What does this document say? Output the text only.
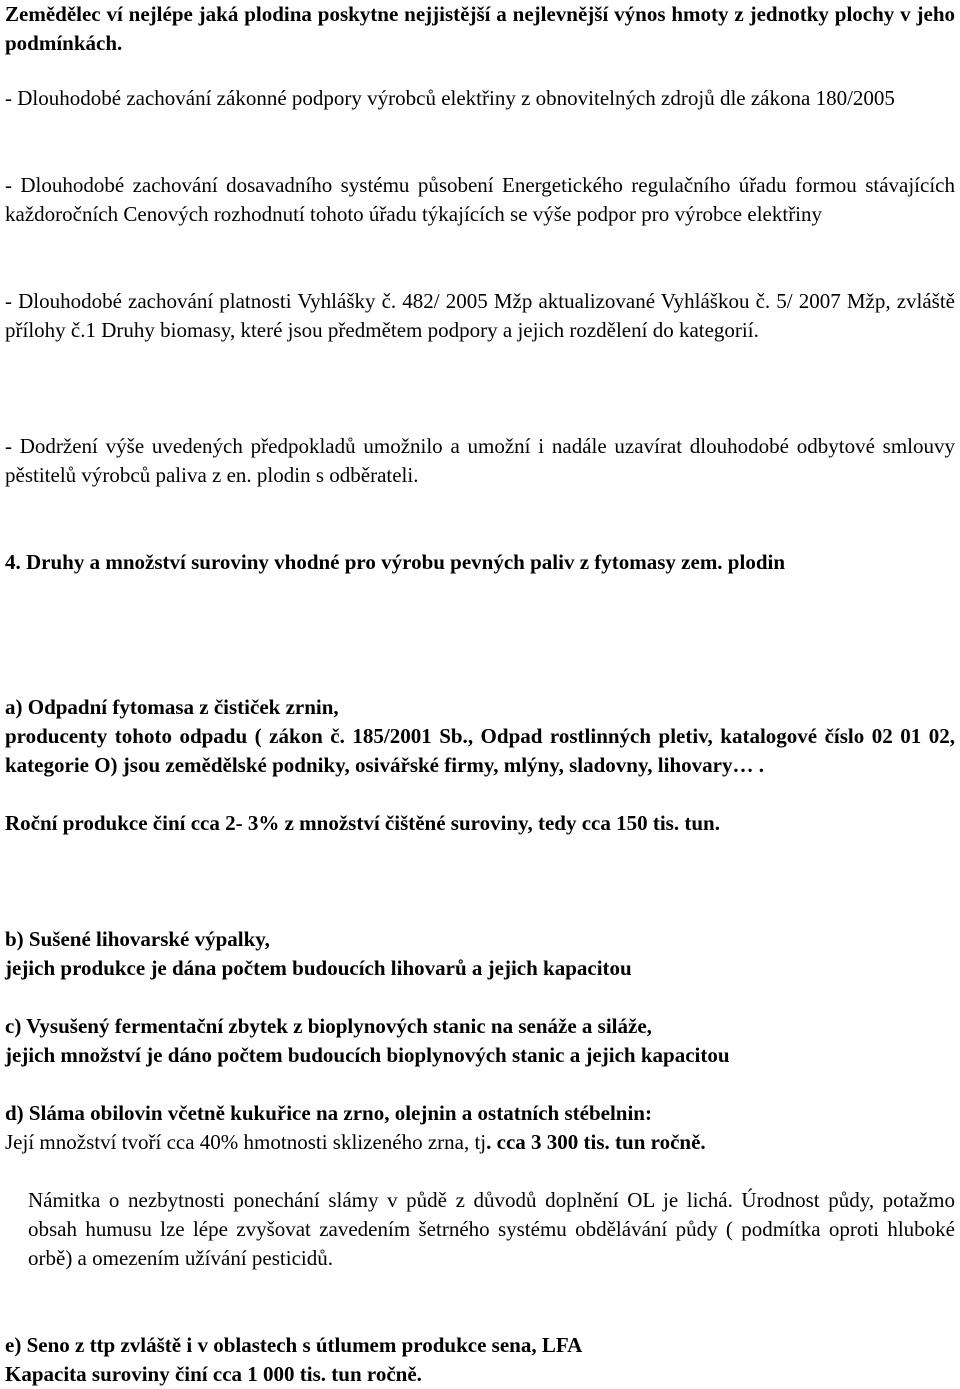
Zemědělec ví nejlépe jaká plodina poskytne nejjistější a nejlevnější výnos hmoty z jednotky plochy v jeho podmínkách.

- Dlouhodobé zachování zákonné podpory výrobců elektřiny z obnovitelných zdrojů dle zákona 180/2005

- Dlouhodobé zachování dosavadního systému působení Energetického regulačního úřadu formou stávajících každoročních Cenových rozhodnutí tohoto úřadu týkajících se výše podpor pro výrobce elektřiny

- Dlouhodobé zachování platnosti Vyhlášky č. 482/ 2005 Mžp aktualizované Vyhláškou č. 5/ 2007 Mžp, zvláště přílohy č.1 Druhy biomasy, které jsou předmětem podpory a jejich rozdělení do kategorií.

- Dodržení výše uvedených předpokladů umožnilo a umožní i nadále uzavírat dlouhodobé odbytové smlouvy pěstitelů výrobců paliva z en. plodin s odběrateli.

4. Druhy a množství suroviny vhodné pro výrobu pevných paliv z fytomasy zem. plodin

a) Odpadní fytomasa z čističek zrnin,

producenty tohoto odpadu ( zákon č. 185/2001 Sb., Odpad rostlinných pletiv, katalogové číslo 02 01 02, kategorie O) jsou zemědělské podniky, osivářské firmy, mlýny, sladovny, lihovary… .

Roční produkce činí cca 2- 3% z množství čištěné suroviny, tedy cca 150 tis. tun.

b) Sušené lihovarské výpalky,

jejich produkce je dána počtem budoucích lihovarů a jejich kapacitou

c) Vysušený fermentační zbytek z bioplynových stanic na senáže a siláže,

jejich množství je dáno počtem budoucích bioplynových stanic a jejich kapacitou

d) Sláma obilovin včetně kukuřice na zrno, olejnin a ostatních stébelnin:

Její množství tvoří cca 40% hmotnosti sklizeného zrna, tj. cca 3 300 tis. tun ročně.

Námitka o nezbytnosti ponechání slámy v půdě z důvodů doplnění OL je lichá. Úrodnost půdy, potažmo obsah humusu lze lépe zvyšovat zavedením šetrného systému obdělávání půdy ( podmítka oproti hluboké orbě) a omezením užívání pesticidů.

e) Seno z ttp zvláště i v oblastech s útlumem produkce sena, LFA

Kapacita suroviny činí cca 1 000 tis. tun ročně.
